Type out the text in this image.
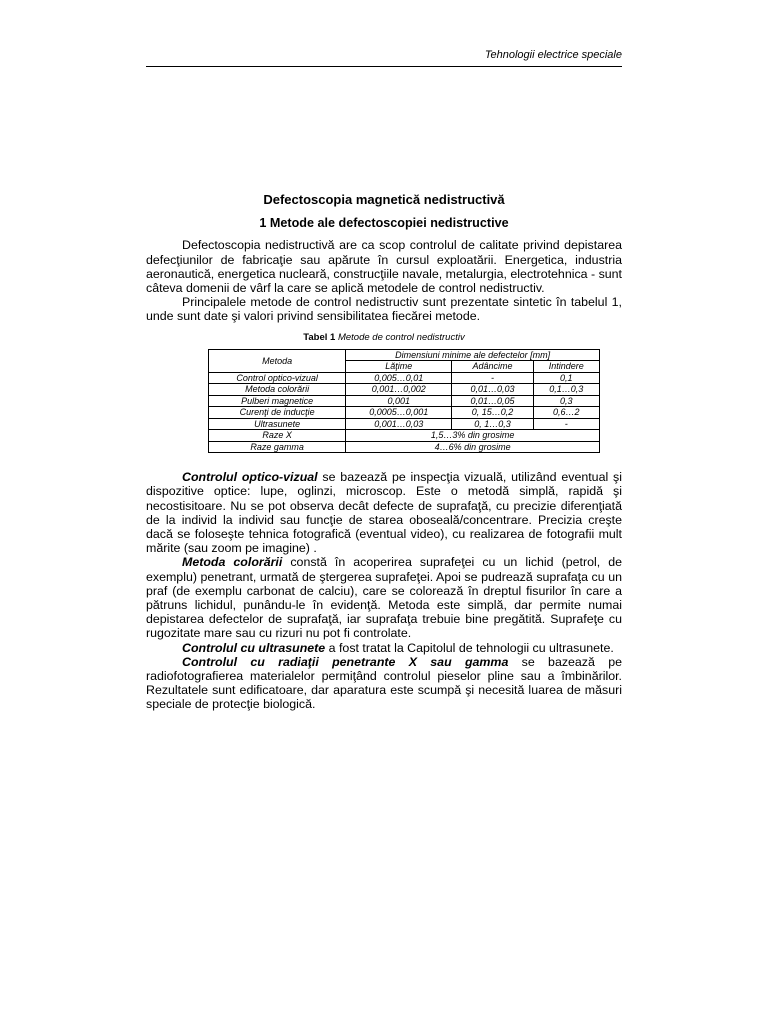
Tehnologii electrice speciale
Defectoscopia magnetică nedistructivă
1 Metode ale defectoscopiei nedistructive

Defectoscopia nedistructivă are ca scop controlul de calitate privind depistarea defecţiunilor de fabricaţie sau apărute în cursul exploatării. Energetica, industria aeronautică, energetica nucleară, construcţiile navale, metalurgia, electrotehnica - sunt câteva domenii de vârf la care se aplică metodele de control nedistructiv.

Principalele metode de control nedistructiv sunt prezentate sintetic în tabelul 1, unde sunt date şi valori privind sensibilitatea fiecărei metode.

Tabel 1 Metode de control nedistructiv
Metoda	Dimensiuni minime ale defectelor [mm]		
	Lăţime	Adâncime	Intindere
Control optico-vizual	0,005…0,01	-	0,1
Metoda colorării	0,001…0,002	0,01…0,03	0,1…0,3
Pulberi magnetice	0,001	0,01…0,05	0,3
Curenţi de inducţie	0,0005…0,001	0, 15…0,2	0,6…2
Ultrasunete	0,001…0,03	0, 1…0,3	-
Raze X	1,5…3% din grosime		
Raze gamma	4…6% din grosime		

Controlul optico-vizual se bazează pe inspecţia vizuală, utilizând eventual şi dispozitive optice: lupe, oglinzi, microscop. Este o metodă simplă, rapidă şi necostisitoare. Nu se pot observa decât defecte de suprafaţă, cu precizie diferenţiată de la individ la individ sau funcţie de starea oboseală/concentrare. Precizia creşte dacă se foloseşte tehnica fotografică (eventual video), cu realizarea de fotografii mult mărite (sau zoom pe imagine) .

Metoda colorării constă în acoperirea suprafeţei cu un lichid (petrol, de exemplu) penetrant, urmată de ştergerea suprafeţei. Apoi se pudrează suprafaţa cu un praf (de exemplu carbonat de calciu), care se colorează în dreptul fisurilor în care a pătruns lichidul, punându-le în evidenţă. Metoda este simplă, dar permite numai depistarea defectelor de suprafaţă, iar suprafaţa trebuie bine pregătită. Suprafeţe cu rugozitate mare sau cu rizuri nu pot fi controlate.

Controlul cu ultrasunete a fost tratat la Capitolul de tehnologii cu ultrasunete.

Controlul cu radiaţii penetrante X sau gamma se bazează pe radiofotografierea materialelor permiţând controlul pieselor pline sau a îmbinărilor. Rezultatele sunt edificatoare, dar aparatura este scumpă şi necesită luarea de măsuri speciale de protecţie biologică.
